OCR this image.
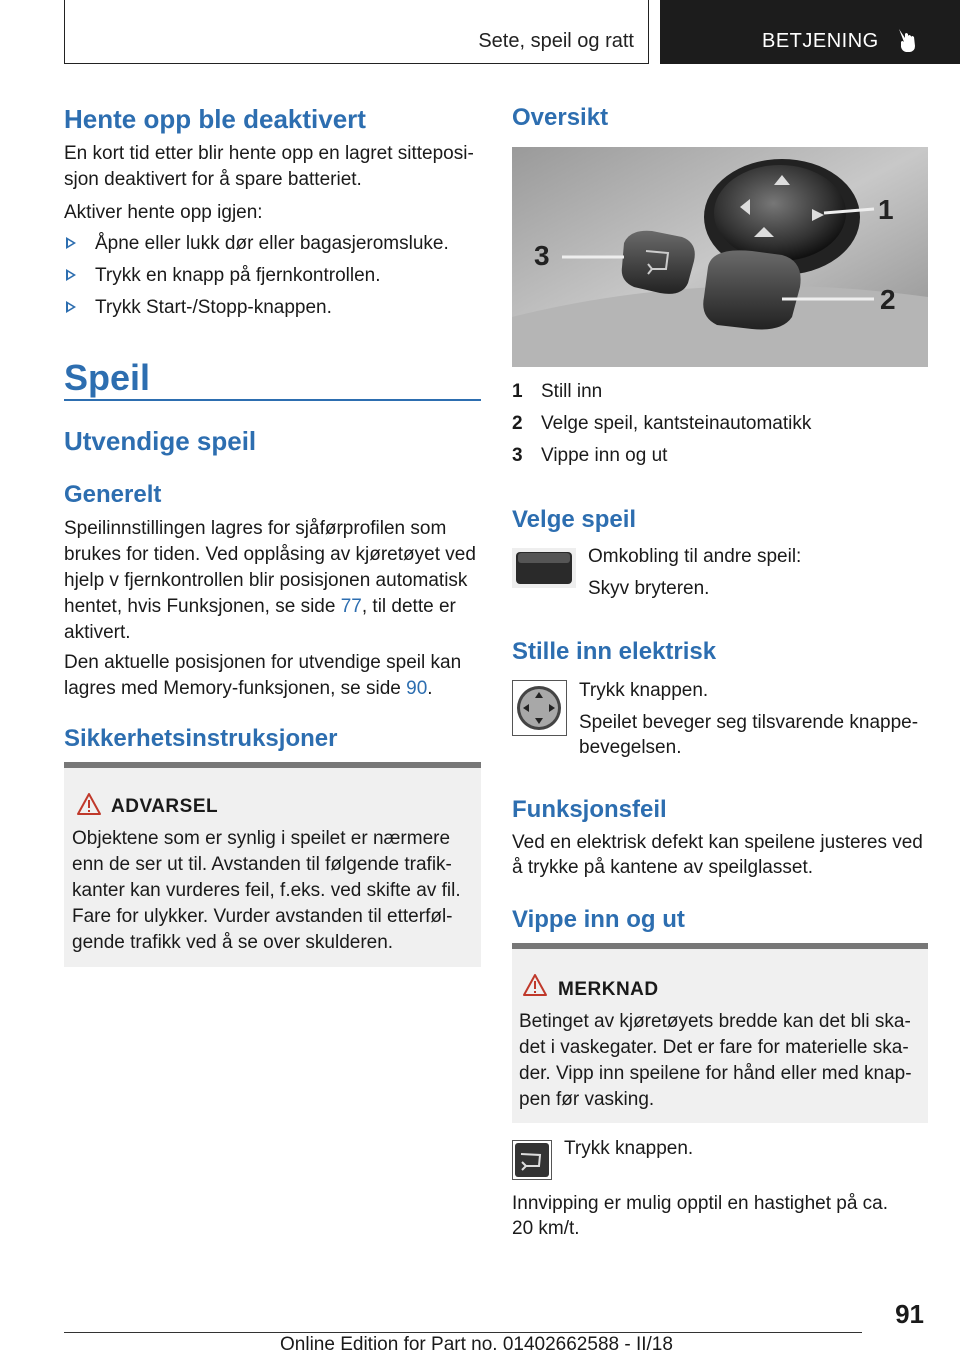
Sete, speil og ratt	BETJENING
Hente opp ble deaktivert

En kort tid etter blir hente opp en lagret sitteposi-

sjon deaktivert for å spare batteriet.

Aktiver hente opp igjen:

Åpne eller lukk dør eller bagasjeromsluke.
Trykk en knapp på fjernkontrollen.
Trykk Start-/Stopp-knappen.
Speil
Utvendige speil
Generelt

Speilinnstillingen lagres for sjåførprofilen som

brukes for tiden. Ved opplåsing av kjøretøyet ved

hjelp v fjernkontrollen blir posisjonen automatisk

hentet, hvis Funksjonen, se side 77, til dette er

aktivert.

Den aktuelle posisjonen for utvendige speil kan

lagres med Memory-funksjonen, se side 90.

Sikkerhetsinstruksjoner
ADVARSEL
Objektene som er synlig i speilet er nærmere
enn de ser ut til. Avstanden til følgende trafik-
kanter kan vurderes feil, f.eks. ved skifte av fil.
Fare for ulykker. Vurder avstanden til etterføl-
gende trafikk ved å se over skulderen.
Oversikt
1
2
3
1 Still inn
2 Velge speil, kantsteinautomatikk
3 Vippe inn og ut
Velge speil

Omkobling til andre speil:

Skyv bryteren.

Stille inn elektrisk

Trykk knappen.

Speilet beveger seg tilsvarende knappe-

bevegelsen.

Funksjonsfeil

Ved en elektrisk defekt kan speilene justeres ved

å trykke på kantene av speilglasset.

Vippe inn og ut
MERKNAD
Betinget av kjøretøyets bredde kan det bli ska-
det i vaskegater. Det er fare for materielle ska-
der. Vipp inn speilene for hånd eller med knap-
pen før vasking.

Trykk knappen.

Innvipping er mulig opptil en hastighet på ca.

20 km/t.

91
Online Edition for Part no. 01402662588 - II/18
